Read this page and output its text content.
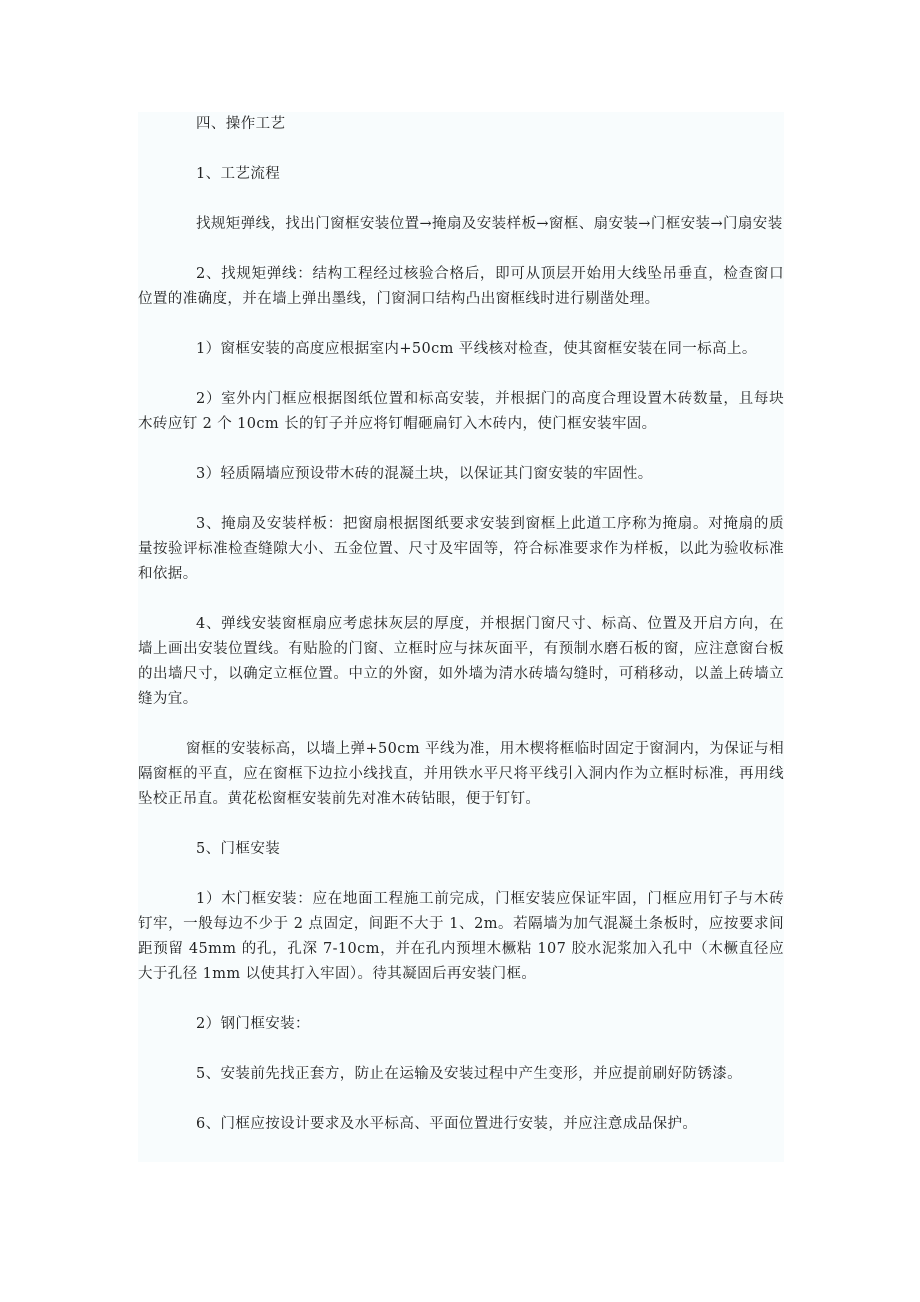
四、操作工艺

1、工艺流程

找规矩弹线，找出门窗框安装位置→掩扇及安装样板→窗框、扇安装→门框安装→门扇安装

2、找规矩弹线：结构工程经过核验合格后，即可从顶层开始用大线坠吊垂直，检查窗口位置的准确度，并在墙上弹出墨线，门窗洞口结构凸出窗框线时进行剔凿处理。

1）窗框安装的高度应根据室内+50cm 平线核对检查，使其窗框安装在同一标高上。

2）室外内门框应根据图纸位置和标高安装，并根据门的高度合理设置木砖数量，且每块木砖应钉 2 个 10cm 长的钉子并应将钉帽砸扁钉入木砖内，使门框安装牢固。

3）轻质隔墙应预设带木砖的混凝土块，以保证其门窗安装的牢固性。

3、掩扇及安装样板：把窗扇根据图纸要求安装到窗框上此道工序称为掩扇。对掩扇的质量按验评标准检查缝隙大小、五金位置、尺寸及牢固等，符合标准要求作为样板，以此为验收标准和依据。

4、弹线安装窗框扇应考虑抹灰层的厚度，并根据门窗尺寸、标高、位置及开启方向，在墙上画出安装位置线。有贴脸的门窗、立框时应与抹灰面平，有预制水磨石板的窗，应注意窗台板的出墙尺寸，以确定立框位置。中立的外窗，如外墙为清水砖墙勾缝时，可稍移动，以盖上砖墙立缝为宜。

窗框的安装标高，以墙上弹+50cm 平线为准，用木楔将框临时固定于窗洞内，为保证与相隔窗框的平直，应在窗框下边拉小线找直，并用铁水平尺将平线引入洞内作为立框时标准，再用线坠校正吊直。黄花松窗框安装前先对准木砖钻眼，便于钉钉。

5、门框安装

1）木门框安装：应在地面工程施工前完成，门框安装应保证牢固，门框应用钉子与木砖钉牢，一般每边不少于 2 点固定，间距不大于 1、2m。若隔墙为加气混凝土条板时，应按要求间距预留 45mm 的孔，孔深 7-10cm，并在孔内预埋木橛粘 107 胶水泥浆加入孔中（木橛直径应大于孔径 1mm 以使其打入牢固）。待其凝固后再安装门框。

2）钢门框安装：

5、安装前先找正套方，防止在运输及安装过程中产生变形，并应提前刷好防锈漆。

6、门框应按设计要求及水平标高、平面位置进行安装，并应注意成品保护。
